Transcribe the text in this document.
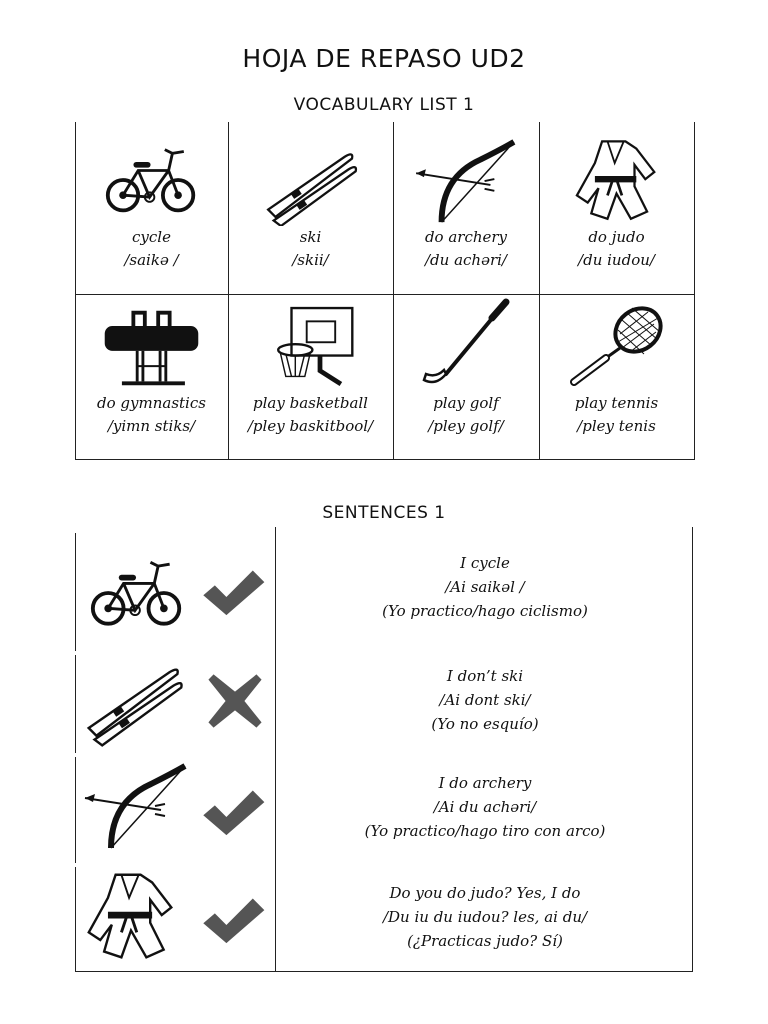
HOJA DE REPASO UD2
VOCABULARY LIST 1
cycle
/saikə /
ski
/skii/
do archery
/du achəri/
do judo
/du iudou/
do gymnastics
/yimn stiks/
play basketball
/pley baskitbool/
play golf
/pley golf/
play tennis
/pley tenis
SENTENCES 1
I cycle
/Ai saikəl /
(Yo practico/hago ciclismo)
I don’t ski
/Ai dont ski/
(Yo no esquío)
I do archery
/Ai du achəri/
(Yo practico/hago tiro con arco)
Do you do judo? Yes, I do
/Du iu du iudou? les, ai du/
(¿Practicas judo? Sí)
